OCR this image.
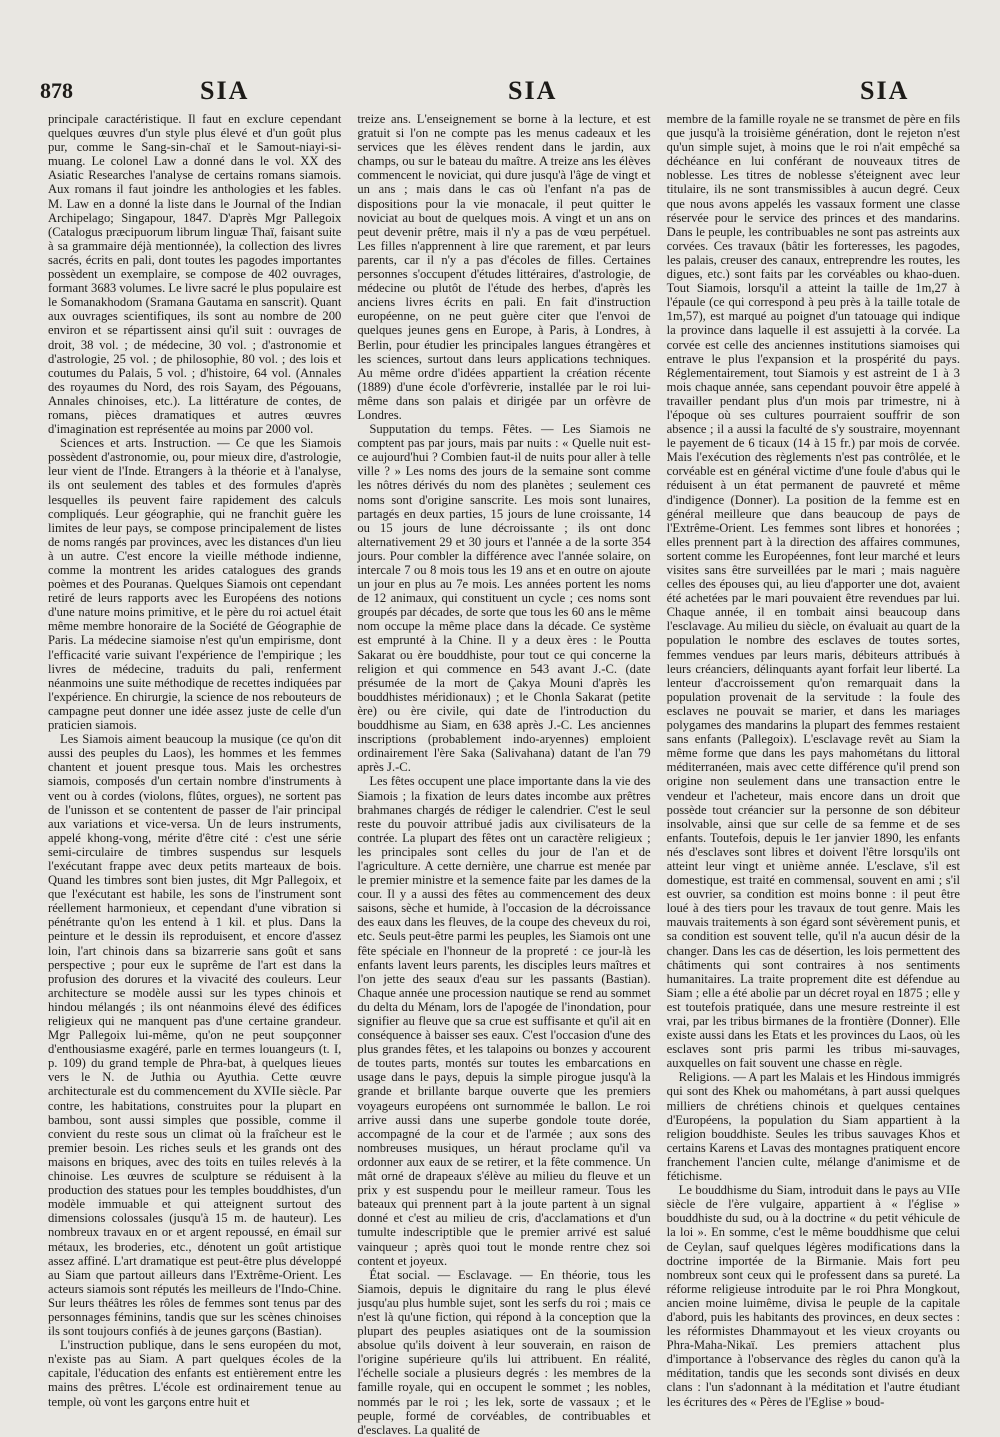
878	SIA	SIA	SIA

principale caractéristique. Il faut en exclure cependant quelques œuvres d'un style plus élevé et d'un goût plus pur, comme le Sang-sin-chaï et le Samout-niayi-si-muang. Le colonel Law a donné dans le vol. XX des Asiatic Researches l'analyse de certains romans siamois. Aux romans il faut joindre les anthologies et les fables. M. Law en a donné la liste dans le Journal of the Indian Archipelago; Singapour, 1847. D'après Mgr Pallegoix (Catalogus præcipuorum librum linguæ Thaï, faisant suite à sa grammaire déjà mentionnée), la collection des livres sacrés, écrits en pali, dont toutes les pagodes importantes possèdent un exemplaire, se compose de 402 ouvrages, formant 3683 volumes. Le livre sacré le plus populaire est le Somanakhodom (Sramana Gautama en sanscrit). Quant aux ouvrages scientifiques, ils sont au nombre de 200 environ et se répartissent ainsi qu'il suit : ouvrages de droit, 38 vol. ; de médecine, 30 vol. ; d'astronomie et d'astrologie, 25 vol. ; de philosophie, 80 vol. ; des lois et coutumes du Palais, 5 vol. ; d'histoire, 64 vol. (Annales des royaumes du Nord, des rois Sayam, des Pégouans, Annales chinoises, etc.). La littérature de contes, de romans, pièces dramatiques et autres œuvres d'imagination est représentée au moins par 2000 vol.

Sciences et arts. Instruction. — Ce que les Siamois possèdent d'astronomie, ou, pour mieux dire, d'astrologie, leur vient de l'Inde. Etrangers à la théorie et à l'analyse, ils ont seulement des tables et des formules d'après lesquelles ils peuvent faire rapidement des calculs compliqués. Leur géographie, qui ne franchit guère les limites de leur pays, se compose principalement de listes de noms rangés par provinces, avec les distances d'un lieu à un autre. C'est encore la vieille méthode indienne, comme la montrent les arides catalogues des grands poèmes et des Pouranas. Quelques Siamois ont cependant retiré de leurs rapports avec les Européens des notions d'une nature moins primitive, et le père du roi actuel était même membre honoraire de la Société de Géographie de Paris. La médecine siamoise n'est qu'un empirisme, dont l'efficacité varie suivant l'expérience de l'empirique ; les livres de médecine, traduits du pali, renferment néanmoins une suite méthodique de recettes indiquées par l'expérience. En chirurgie, la science de nos rebouteurs de campagne peut donner une idée assez juste de celle d'un praticien siamois.

Les Siamois aiment beaucoup la musique (ce qu'on dit aussi des peuples du Laos), les hommes et les femmes chantent et jouent presque tous. Mais les orchestres siamois, composés d'un certain nombre d'instruments à vent ou à cordes (violons, flûtes, orgues), ne sortent pas de l'unisson et se contentent de passer de l'air principal aux variations et vice-versa. Un de leurs instruments, appelé khong-vong, mérite d'être cité : c'est une série semi-circulaire de timbres suspendus sur lesquels l'exécutant frappe avec deux petits marteaux de bois. Quand les timbres sont bien justes, dit Mgr Pallegoix, et que l'exécutant est habile, les sons de l'instrument sont réellement harmonieux, et cependant d'une vibration si pénétrante qu'on les entend à 1 kil. et plus. Dans la peinture et le dessin ils reproduisent, et encore d'assez loin, l'art chinois dans sa bizarrerie sans goût et sans perspective ; pour eux le suprême de l'art est dans la profusion des dorures et la vivacité des couleurs. Leur architecture se modèle aussi sur les types chinois et hindou mélangés ; ils ont néanmoins élevé des édifices religieux qui ne manquent pas d'une certaine grandeur. Mgr Pallegoix lui-même, qu'on ne peut soupçonner d'enthousiasme exagéré, parle en termes louangeurs (t. I, p. 109) du grand temple de Phra-bat, à quelques lieues vers le N. de Juthia ou Ayuthia. Cette œuvre architecturale est du commencement du XVIIe siècle. Par contre, les habitations, construites pour la plupart en bambou, sont aussi simples que possible, comme il convient du reste sous un climat où la fraîcheur est le premier besoin. Les riches seuls et les grands ont des maisons en briques, avec des toits en tuiles relevés à la chinoise. Les œuvres de sculpture se réduisent à la production des statues pour les temples bouddhistes, d'un modèle immuable et qui atteignent surtout des dimensions colossales (jusqu'à 15 m. de hauteur). Les nombreux travaux en or et argent repoussé, en émail sur métaux, les broderies, etc., dénotent un goût artistique assez affiné. L'art dramatique est peut-être plus développé au Siam que partout ailleurs dans l'Extrême-Orient. Les acteurs siamois sont réputés les meilleurs de l'Indo-Chine. Sur leurs théâtres les rôles de femmes sont tenus par des personnages féminins, tandis que sur les scènes chinoises ils sont toujours confiés à de jeunes garçons (Bastian).

L'instruction publique, dans le sens européen du mot, n'existe pas au Siam. A part quelques écoles de la capitale, l'éducation des enfants est entièrement entre les mains des prêtres. L'école est ordinairement tenue au temple, où vont les garçons entre huit et

treize ans. L'enseignement se borne à la lecture, et est gratuit si l'on ne compte pas les menus cadeaux et les services que les élèves rendent dans le jardin, aux champs, ou sur le bateau du maître. A treize ans les élèves commencent le noviciat, qui dure jusqu'à l'âge de vingt et un ans ; mais dans le cas où l'enfant n'a pas de dispositions pour la vie monacale, il peut quitter le noviciat au bout de quelques mois. A vingt et un ans on peut devenir prêtre, mais il n'y a pas de vœu perpétuel. Les filles n'apprennent à lire que rarement, et par leurs parents, car il n'y a pas d'écoles de filles. Certaines personnes s'occupent d'études littéraires, d'astrologie, de médecine ou plutôt de l'étude des herbes, d'après les anciens livres écrits en pali. En fait d'instruction européenne, on ne peut guère citer que l'envoi de quelques jeunes gens en Europe, à Paris, à Londres, à Berlin, pour étudier les principales langues étrangères et les sciences, surtout dans leurs applications techniques. Au même ordre d'idées appartient la création récente (1889) d'une école d'orfèvrerie, installée par le roi lui-même dans son palais et dirigée par un orfèvre de Londres.

Supputation du temps. Fêtes. — Les Siamois ne comptent pas par jours, mais par nuits : « Quelle nuit est-ce aujourd'hui ? Combien faut-il de nuits pour aller à telle ville ? » Les noms des jours de la semaine sont comme les nôtres dérivés du nom des planètes ; seulement ces noms sont d'origine sanscrite. Les mois sont lunaires, partagés en deux parties, 15 jours de lune croissante, 14 ou 15 jours de lune décroissante ; ils ont donc alternativement 29 et 30 jours et l'année a de la sorte 354 jours. Pour combler la différence avec l'année solaire, on intercale 7 ou 8 mois tous les 19 ans et en outre on ajoute un jour en plus au 7e mois. Les années portent les noms de 12 animaux, qui constituent un cycle ; ces noms sont groupés par décades, de sorte que tous les 60 ans le même nom occupe la même place dans la décade. Ce système est emprunté à la Chine. Il y a deux ères : le Poutta Sakarat ou ère bouddhiste, pour tout ce qui concerne la religion et qui commence en 543 avant J.-C. (date présumée de la mort de Çakya Mouni d'après les bouddhistes méridionaux) ; et le Chonla Sakarat (petite ère) ou ère civile, qui date de l'introduction du bouddhisme au Siam, en 638 après J.-C. Les anciennes inscriptions (probablement indo-aryennes) emploient ordinairement l'ère Saka (Salivahana) datant de l'an 79 après J.-C.

Les fêtes occupent une place importante dans la vie des Siamois ; la fixation de leurs dates incombe aux prêtres brahmanes chargés de rédiger le calendrier. C'est le seul reste du pouvoir attribué jadis aux civilisateurs de la contrée. La plupart des fêtes ont un caractère religieux ; les principales sont celles du jour de l'an et de l'agriculture. A cette dernière, une charrue est menée par le premier ministre et la semence faite par les dames de la cour. Il y a aussi des fêtes au commencement des deux saisons, sèche et humide, à l'occasion de la décroissance des eaux dans les fleuves, de la coupe des cheveux du roi, etc. Seuls peut-être parmi les peuples, les Siamois ont une fête spéciale en l'honneur de la propreté : ce jour-là les enfants lavent leurs parents, les disciples leurs maîtres et l'on jette des seaux d'eau sur les passants (Bastian). Chaque année une procession nautique se rend au sommet du delta du Ménam, lors de l'apogée de l'inondation, pour signifier au fleuve que sa crue est suffisante et qu'il ait en conséquence à baisser ses eaux. C'est l'occasion d'une des plus grandes fêtes, et les talapoins ou bonzes y accourent de toutes parts, montés sur toutes les embarcations en usage dans le pays, depuis la simple pirogue jusqu'à la grande et brillante barque ouverte que les premiers voyageurs européens ont surnommée le ballon. Le roi arrive aussi dans une superbe gondole toute dorée, accompagné de la cour et de l'armée ; aux sons des nombreuses musiques, un héraut proclame qu'il va ordonner aux eaux de se retirer, et la fête commence. Un mât orné de drapeaux s'élève au milieu du fleuve et un prix y est suspendu pour le meilleur rameur. Tous les bateaux qui prennent part à la joute partent à un signal donné et c'est au milieu de cris, d'acclamations et d'un tumulte indescriptible que le premier arrivé est salué vainqueur ; après quoi tout le monde rentre chez soi content et joyeux.

État social. — Esclavage. — En théorie, tous les Siamois, depuis le dignitaire du rang le plus élevé jusqu'au plus humble sujet, sont les serfs du roi ; mais ce n'est là qu'une fiction, qui répond à la conception que la plupart des peuples asiatiques ont de la soumission absolue qu'ils doivent à leur souverain, en raison de l'origine supérieure qu'ils lui attribuent. En réalité, l'échelle sociale a plusieurs degrés : les membres de la famille royale, qui en occupent le sommet ; les nobles, nommés par le roi ; les lek, sorte de vassaux ; et le peuple, formé de corvéables, de contribuables et d'esclaves. La qualité de

membre de la famille royale ne se transmet de père en fils que jusqu'à la troisième génération, dont le rejeton n'est qu'un simple sujet, à moins que le roi n'ait empêché sa déchéance en lui conférant de nouveaux titres de noblesse. Les titres de noblesse s'éteignent avec leur titulaire, ils ne sont transmissibles à aucun degré. Ceux que nous avons appelés les vassaux forment une classe réservée pour le service des princes et des mandarins. Dans le peuple, les contribuables ne sont pas astreints aux corvées. Ces travaux (bâtir les forteresses, les pagodes, les palais, creuser des canaux, entreprendre les routes, les digues, etc.) sont faits par les corvéables ou khao-duen. Tout Siamois, lorsqu'il a atteint la taille de 1m,27 à l'épaule (ce qui correspond à peu près à la taille totale de 1m,57), est marqué au poignet d'un tatouage qui indique la province dans laquelle il est assujetti à la corvée. La corvée est celle des anciennes institutions siamoises qui entrave le plus l'expansion et la prospérité du pays. Réglementairement, tout Siamois y est astreint de 1 à 3 mois chaque année, sans cependant pouvoir être appelé à travailler pendant plus d'un mois par trimestre, ni à l'époque où ses cultures pourraient souffrir de son absence ; il a aussi la faculté de s'y soustraire, moyennant le payement de 6 ticaux (14 à 15 fr.) par mois de corvée. Mais l'exécution des règlements n'est pas contrôlée, et le corvéable est en général victime d'une foule d'abus qui le réduisent à un état permanent de pauvreté et même d'indigence (Donner). La position de la femme est en général meilleure que dans beaucoup de pays de l'Extrême-Orient. Les femmes sont libres et honorées ; elles prennent part à la direction des affaires communes, sortent comme les Européennes, font leur marché et leurs visites sans être surveillées par le mari ; mais naguère celles des épouses qui, au lieu d'apporter une dot, avaient été achetées par le mari pouvaient être revendues par lui. Chaque année, il en tombait ainsi beaucoup dans l'esclavage. Au milieu du siècle, on évaluait au quart de la population le nombre des esclaves de toutes sortes, femmes vendues par leurs maris, débiteurs attribués à leurs créanciers, délinquants ayant forfait leur liberté. La lenteur d'accroissement qu'on remarquait dans la population provenait de la servitude : la foule des esclaves ne pouvait se marier, et dans les mariages polygames des mandarins la plupart des femmes restaient sans enfants (Pallegoix). L'esclavage revêt au Siam la même forme que dans les pays mahométans du littoral méditerranéen, mais avec cette différence qu'il prend son origine non seulement dans une transaction entre le vendeur et l'acheteur, mais encore dans un droit que possède tout créancier sur la personne de son débiteur insolvable, ainsi que sur celle de sa femme et de ses enfants. Toutefois, depuis le 1er janvier 1890, les enfants nés d'esclaves sont libres et doivent l'être lorsqu'ils ont atteint leur vingt et unième année. L'esclave, s'il est domestique, est traité en commensal, souvent en ami ; s'il est ouvrier, sa condition est moins bonne : il peut être loué à des tiers pour les travaux de tout genre. Mais les mauvais traitements à son égard sont sévèrement punis, et sa condition est souvent telle, qu'il n'a aucun désir de la changer. Dans les cas de désertion, les lois permettent des châtiments qui sont contraires à nos sentiments humanitaires. La traite proprement dite est défendue au Siam ; elle a été abolie par un décret royal en 1875 ; elle y est toutefois pratiquée, dans une mesure restreinte il est vrai, par les tribus birmanes de la frontière (Donner). Elle existe aussi dans les Etats et les provinces du Laos, où les esclaves sont pris parmi les tribus mi-sauvages, auxquelles on fait souvent une chasse en règle.

Religions. — A part les Malais et les Hindous immigrés qui sont des Khek ou mahométans, à part aussi quelques milliers de chrétiens chinois et quelques centaines d'Européens, la population du Siam appartient à la religion bouddhiste. Seules les tribus sauvages Khos et certains Karens et Lavas des montagnes pratiquent encore franchement l'ancien culte, mélange d'animisme et de fétichisme.

Le bouddhisme du Siam, introduit dans le pays au VIIe siècle de l'ère vulgaire, appartient à « l'église » bouddhiste du sud, ou à la doctrine « du petit véhicule de la loi ». En somme, c'est le même bouddhisme que celui de Ceylan, sauf quelques légères modifications dans la doctrine importée de la Birmanie. Mais fort peu nombreux sont ceux qui le professent dans sa pureté. La réforme religieuse introduite par le roi Phra Mongkout, ancien moine luimême, divisa le peuple de la capitale d'abord, puis les habitants des provinces, en deux sectes : les réformistes Dhammayout et les vieux croyants ou Phra-Maha-Nikaï. Les premiers attachent plus d'importance à l'observance des règles du canon qu'à la méditation, tandis que les seconds sont divisés en deux clans : l'un s'adonnant à la méditation et l'autre étudiant les écritures des « Pères de l'Eglise » boud-
